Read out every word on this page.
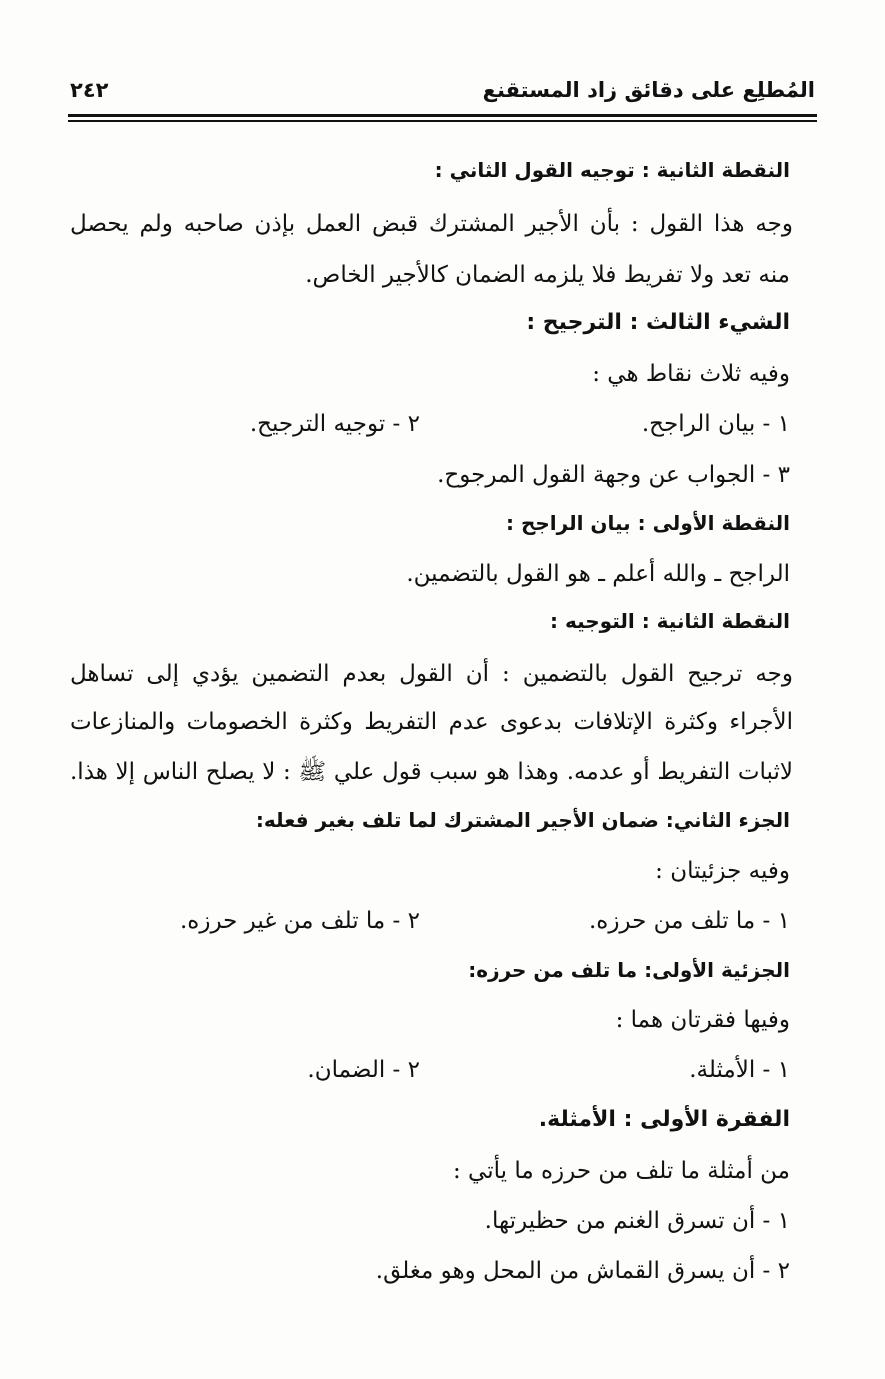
المُطلِع على دقائق زاد المستقنع
٢٤٢
النقطة الثانية : توجيه القول الثاني :
وجه هذا القول : بأن الأجير المشترك قبض العمل بإذن صاحبه ولم يحصل
منه تعد ولا تفريط فلا يلزمه الضمان كالأجير الخاص.
الشيء الثالث : الترجيح :
وفيه ثلاث نقاط هي :
١ - بيان الراجح.
٢ - توجيه الترجيح.
٣ - الجواب عن وجهة القول المرجوح.
النقطة الأولى : بيان الراجح :
الراجح ـ والله أعلم ـ هو القول بالتضمين.
النقطة الثانية : التوجيه :
وجه ترجيح القول بالتضمين : أن القول بعدم التضمين يؤدي إلى تساهل
الأجراء وكثرة الإتلافات بدعوى عدم التفريط وكثرة الخصومات والمنازعات
لاثبات التفريط أو عدمه. وهذا هو سبب قول علي ﷺ : لا يصلح الناس إلا هذا.
الجزء الثاني: ضمان الأجير المشترك لما تلف بغير فعله:
وفيه جزئيتان :
١ - ما تلف من حرزه.
٢ - ما تلف من غير حرزه.
الجزئية الأولى: ما تلف من حرزه:
وفيها فقرتان هما :
١ - الأمثلة.
٢ - الضمان.
الفقرة الأولى : الأمثلة.
من أمثلة ما تلف من حرزه ما يأتي :
١ - أن تسرق الغنم من حظيرتها.
٢ - أن يسرق القماش من المحل وهو مغلق.
